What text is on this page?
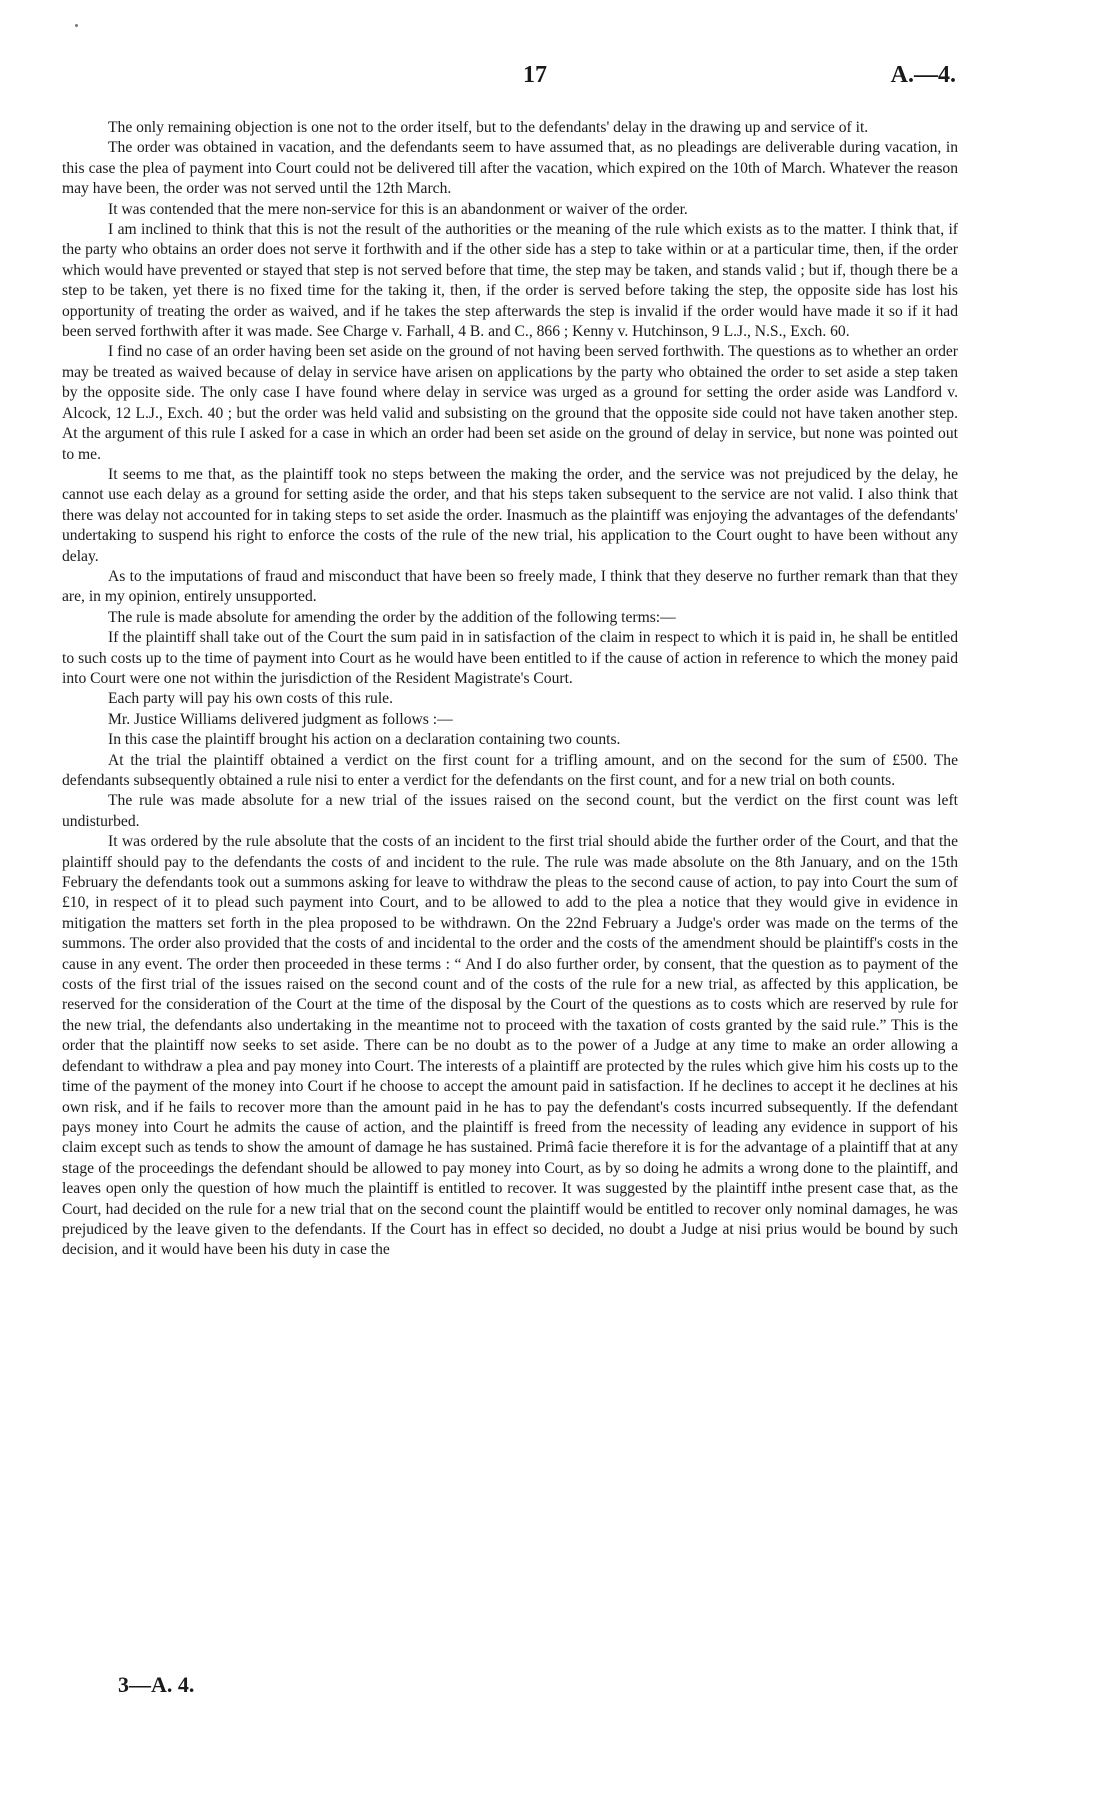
17	A.—4.

The only remaining objection is one not to the order itself, but to the defendants' delay in the drawing up and service of it.

The order was obtained in vacation, and the defendants seem to have assumed that, as no pleadings are deliverable during vacation, in this case the plea of payment into Court could not be delivered till after the vacation, which expired on the 10th of March. Whatever the reason may have been, the order was not served until the 12th March.

It was contended that the mere non-service for this is an abandonment or waiver of the order.

I am inclined to think that this is not the result of the authorities or the meaning of the rule which exists as to the matter. I think that, if the party who obtains an order does not serve it forthwith and if the other side has a step to take within or at a particular time, then, if the order which would have prevented or stayed that step is not served before that time, the step may be taken, and stands valid ; but if, though there be a step to be taken, yet there is no fixed time for the taking it, then, if the order is served before taking the step, the opposite side has lost his opportunity of treating the order as waived, and if he takes the step afterwards the step is invalid if the order would have made it so if it had been served forthwith after it was made. See Charge v. Farhall, 4 B. and C., 866 ; Kenny v. Hutchinson, 9 L.J., N.S., Exch. 60.

I find no case of an order having been set aside on the ground of not having been served forthwith. The questions as to whether an order may be treated as waived because of delay in service have arisen on applications by the party who obtained the order to set aside a step taken by the opposite side. The only case I have found where delay in service was urged as a ground for setting the order aside was Landford v. Alcock, 12 L.J., Exch. 40 ; but the order was held valid and subsisting on the ground that the opposite side could not have taken another step. At the argument of this rule I asked for a case in which an order had been set aside on the ground of delay in service, but none was pointed out to me.

It seems to me that, as the plaintiff took no steps between the making the order, and the service was not prejudiced by the delay, he cannot use each delay as a ground for setting aside the order, and that his steps taken subsequent to the service are not valid. I also think that there was delay not accounted for in taking steps to set aside the order. Inasmuch as the plaintiff was enjoying the advantages of the defendants' undertaking to suspend his right to enforce the costs of the rule of the new trial, his application to the Court ought to have been without any delay.

As to the imputations of fraud and misconduct that have been so freely made, I think that they deserve no further remark than that they are, in my opinion, entirely unsupported.

The rule is made absolute for amending the order by the addition of the following terms:—

If the plaintiff shall take out of the Court the sum paid in in satisfaction of the claim in respect to which it is paid in, he shall be entitled to such costs up to the time of payment into Court as he would have been entitled to if the cause of action in reference to which the money paid into Court were one not within the jurisdiction of the Resident Magistrate's Court.

Each party will pay his own costs of this rule.

Mr. Justice Williams delivered judgment as follows :—

In this case the plaintiff brought his action on a declaration containing two counts.

At the trial the plaintiff obtained a verdict on the first count for a trifling amount, and on the second for the sum of £500. The defendants subsequently obtained a rule nisi to enter a verdict for the defendants on the first count, and for a new trial on both counts.

The rule was made absolute for a new trial of the issues raised on the second count, but the verdict on the first count was left undisturbed.

It was ordered by the rule absolute that the costs of an incident to the first trial should abide the further order of the Court, and that the plaintiff should pay to the defendants the costs of and incident to the rule. The rule was made absolute on the 8th January, and on the 15th February the defendants took out a summons asking for leave to withdraw the pleas to the second cause of action, to pay into Court the sum of £10, in respect of it to plead such payment into Court, and to be allowed to add to the plea a notice that they would give in evidence in mitigation the matters set forth in the plea proposed to be withdrawn. On the 22nd February a Judge's order was made on the terms of the summons. The order also provided that the costs of and incidental to the order and the costs of the amendment should be plaintiff's costs in the cause in any event. The order then proceeded in these terms : “ And I do also further order, by consent, that the question as to payment of the costs of the first trial of the issues raised on the second count and of the costs of the rule for a new trial, as affected by this application, be reserved for the consideration of the Court at the time of the disposal by the Court of the questions as to costs which are reserved by rule for the new trial, the defendants also undertaking in the meantime not to proceed with the taxation of costs granted by the said rule.” This is the order that the plaintiff now seeks to set aside. There can be no doubt as to the power of a Judge at any time to make an order allowing a defendant to withdraw a plea and pay money into Court. The interests of a plaintiff are protected by the rules which give him his costs up to the time of the payment of the money into Court if he choose to accept the amount paid in satisfaction. If he declines to accept it he declines at his own risk, and if he fails to recover more than the amount paid in he has to pay the defendant's costs incurred subsequently. If the defendant pays money into Court he admits the cause of action, and the plaintiff is freed from the necessity of leading any evidence in support of his claim except such as tends to show the amount of damage he has sustained. Primâ facie therefore it is for the advantage of a plaintiff that at any stage of the proceedings the defendant should be allowed to pay money into Court, as by so doing he admits a wrong done to the plaintiff, and leaves open only the question of how much the plaintiff is entitled to recover. It was suggested by the plaintiff inthe present case that, as the Court, had decided on the rule for a new trial that on the second count the plaintiff would be entitled to recover only nominal damages, he was prejudiced by the leave given to the defendants. If the Court has in effect so decided, no doubt a Judge at nisi prius would be bound by such decision, and it would have been his duty in case the

3—A. 4.
